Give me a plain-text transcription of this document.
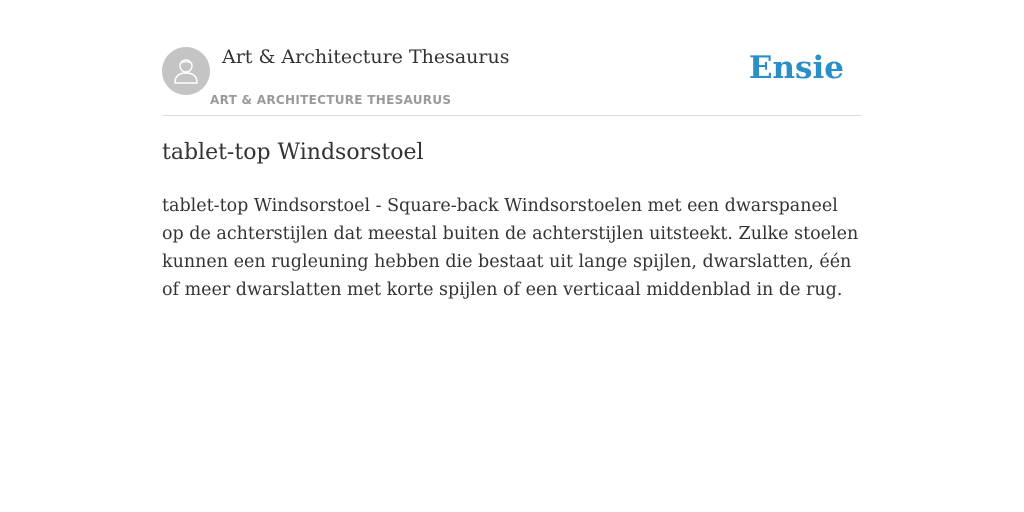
Art & Architecture Thesaurus
ART & ARCHITECTURE THESAURUS
Ensie
tablet-top Windsorstoel

tablet-top Windsorstoel - Square-back Windsorstoelen met een dwarspaneel op de achterstijlen dat meestal buiten de achterstijlen uitsteekt. Zulke stoelen kunnen een rugleuning hebben die bestaat uit lange spijlen, dwarslatten, één of meer dwarslatten met korte spijlen of een verticaal middenblad in de rug.
